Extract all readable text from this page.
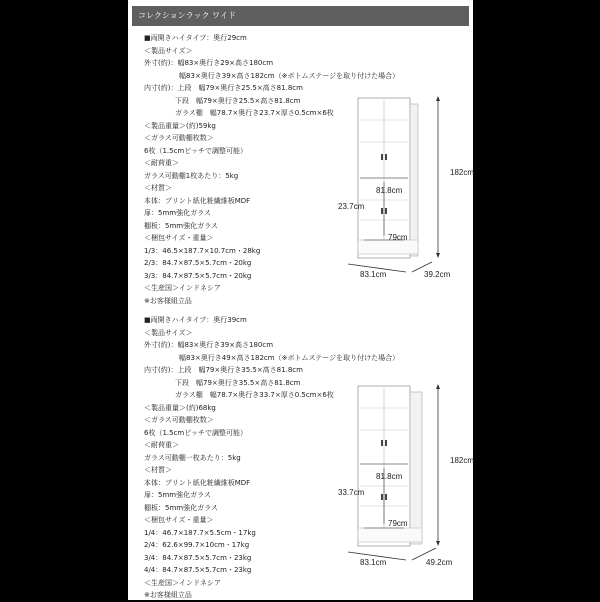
コレクションラック ワイド
■両開きハイタイプ：奥行29cm
＜製品サイズ＞
外寸(約)：幅83×奥行き29×高さ180cm
幅83×奥行き39×高さ182cm（※ボトムステージを取り付けた場合）
内寸(約)：上段　幅79×奥行き25.5×高さ81.8cm
下段　幅79×奥行き25.5×高さ81.8cm
ガラス棚　幅78.7×奥行き23.7×厚さ0.5cm×6枚
＜製品重量＞(約)59kg
＜ガラス可動棚枚数＞
6枚（1.5cmピッチで調整可能）
＜耐荷重＞
ガラス可動棚1枚あたり：5kg
＜材質＞
本体：プリント紙化粧繊維板MDF
扉：5mm強化ガラス
棚板：5mm強化ガラス
＜梱包サイズ・重量＞
1/3：46.5×187.7×10.7cm・28kg
2/3：84.7×87.5×5.7cm・20kg
3/3：84.7×87.5×5.7cm・20kg
＜生産国＞インドネシア
※お客様組立品
182cm
81.8cm
23.7cm
79cm
83.1cm	39.2cm
■両開きハイタイプ：奥行39cm
＜製品サイズ＞
外寸(約)：幅83×奥行き39×高さ180cm
幅83×奥行き49×高さ182cm（※ボトムステージを取り付けた場合）
内寸(約)：上段　幅79×奥行き35.5×高さ81.8cm
下段　幅79×奥行き35.5×高さ81.8cm
ガラス棚　幅78.7×奥行き33.7×厚さ0.5cm×6枚
＜製品重量＞(約)68kg
＜ガラス可動棚枚数＞
6枚（1.5cmピッチで調整可能）
＜耐荷重＞
ガラス可動棚一枚あたり：5kg
＜材質＞
本体：プリント紙化粧繊維板MDF
扉：5mm強化ガラス
棚板：5mm強化ガラス
＜梱包サイズ・重量＞
1/4：46.7×187.7×5.5cm・17kg
2/4：62.6×99.7×10cm・17kg
3/4：84.7×87.5×5.7cm・23kg
4/4：84.7×87.5×5.7cm・23kg
＜生産国＞インドネシア
※お客様組立品
182cm
81.8cm
33.7cm
79cm
83.1cm	49.2cm
